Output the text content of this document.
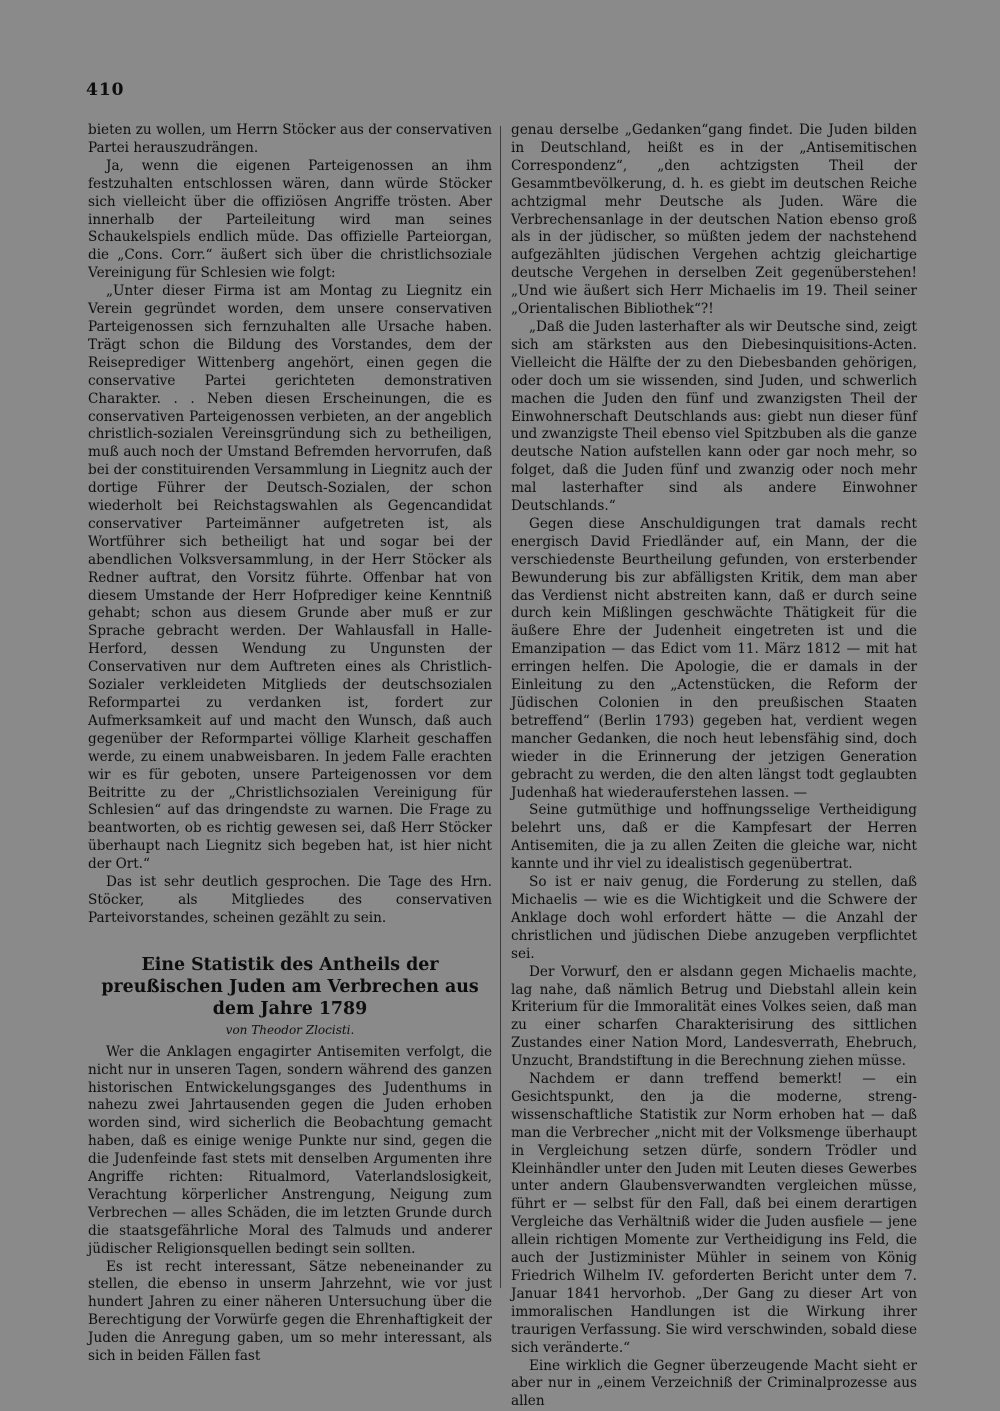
410

bieten zu wollen, um Herrn Stöcker aus der conservativen Partei herauszudrängen.

Ja, wenn die eigenen Parteigenossen an ihm festzuhalten entschlossen wären, dann würde Stöcker sich vielleicht über die offiziösen Angriffe trösten. Aber innerhalb der Parteileitung wird man seines Schaukelspiels endlich müde. Das offizielle Parteiorgan, die „Cons. Corr.“ äußert sich über die christlichsoziale Vereinigung für Schlesien wie folgt:

„Unter dieser Firma ist am Montag zu Liegnitz ein Verein gegründet worden, dem unsere conservativen Parteigenossen sich fernzuhalten alle Ursache haben. Trägt schon die Bildung des Vorstandes, dem der Reiseprediger Wittenberg angehört, einen gegen die conservative Partei gerichteten demonstrativen Charakter. . . Neben diesen Erscheinungen, die es conservativen Parteigenossen verbieten, an der angeblich christlich-sozialen Vereinsgründung sich zu betheiligen, muß auch noch der Umstand Befremden hervorrufen, daß bei der constituirenden Versammlung in Liegnitz auch der dortige Führer der Deutsch-Sozialen, der schon wiederholt bei Reichstagswahlen als Gegencandidat conservativer Parteimänner aufgetreten ist, als Wortführer sich betheiligt hat und sogar bei der abendlichen Volksversammlung, in der Herr Stöcker als Redner auftrat, den Vorsitz führte. Offenbar hat von diesem Umstande der Herr Hofprediger keine Kenntniß gehabt; schon aus diesem Grunde aber muß er zur Sprache gebracht werden. Der Wahlausfall in Halle-Herford, dessen Wendung zu Ungunsten der Conservativen nur dem Auftreten eines als Christlich-Sozialer verkleideten Mitglieds der deutschsozialen Reformpartei zu verdanken ist, fordert zur Aufmerksamkeit auf und macht den Wunsch, daß auch gegenüber der Reformpartei völlige Klarheit geschaffen werde, zu einem unabweisbaren. In jedem Falle erachten wir es für geboten, unsere Parteigenossen vor dem Beitritte zu der „Christlichsozialen Vereinigung für Schlesien“ auf das dringendste zu warnen. Die Frage zu beantworten, ob es richtig gewesen sei, daß Herr Stöcker überhaupt nach Liegnitz sich begeben hat, ist hier nicht der Ort.“

Das ist sehr deutlich gesprochen. Die Tage des Hrn. Stöcker, als Mitgliedes des conservativen Parteivorstandes, scheinen gezählt zu sein.

Eine Statistik des Antheils der preußischen Juden am Verbrechen aus dem Jahre 1789
von Theodor Zlocisti.

Wer die Anklagen engagirter Antisemiten verfolgt, die nicht nur in unseren Tagen, sondern während des ganzen historischen Entwickelungsganges des Judenthums in nahezu zwei Jahrtausenden gegen die Juden erhoben worden sind, wird sicherlich die Beobachtung gemacht haben, daß es einige wenige Punkte nur sind, gegen die die Judenfeinde fast stets mit denselben Argumenten ihre Angriffe richten: Ritualmord, Vaterlandslosigkeit, Verachtung körperlicher Anstrengung, Neigung zum Verbrechen — alles Schäden, die im letzten Grunde durch die staatsgefährliche Moral des Talmuds und anderer jüdischer Religionsquellen bedingt sein sollten.

Es ist recht interessant, Sätze nebeneinander zu stellen, die ebenso in unserm Jahrzehnt, wie vor just hundert Jahren zu einer näheren Untersuchung über die Berechtigung der Vorwürfe gegen die Ehrenhaftigkeit der Juden die Anregung gaben, um so mehr interessant, als sich in beiden Fällen fast

genau derselbe „Gedanken“gang findet. Die Juden bilden in Deutschland, heißt es in der „Antisemitischen Correspondenz“, „den achtzigsten Theil der Gesammtbevölkerung, d. h. es giebt im deutschen Reiche achtzigmal mehr Deutsche als Juden. Wäre die Verbrechensanlage in der deutschen Nation ebenso groß als in der jüdischer, so müßten jedem der nachstehend aufgezählten jüdischen Vergehen achtzig gleichartige deutsche Vergehen in derselben Zeit gegenüberstehen! „Und wie äußert sich Herr Michaelis im 19. Theil seiner „Orientalischen Bibliothek“?!

„Daß die Juden lasterhafter als wir Deutsche sind, zeigt sich am stärksten aus den Diebesinquisitions-Acten. Vielleicht die Hälfte der zu den Diebesbanden gehörigen, oder doch um sie wissenden, sind Juden, und schwerlich machen die Juden den fünf und zwanzigsten Theil der Einwohnerschaft Deutschlands aus: giebt nun dieser fünf und zwanzigste Theil ebenso viel Spitzbuben als die ganze deutsche Nation aufstellen kann oder gar noch mehr, so folget, daß die Juden fünf und zwanzig oder noch mehr mal lasterhafter sind als andere Einwohner Deutschlands.“

Gegen diese Anschuldigungen trat damals recht energisch David Friedländer auf, ein Mann, der die verschiedenste Beurtheilung gefunden, von ersterbender Bewunderung bis zur abfälligsten Kritik, dem man aber das Verdienst nicht abstreiten kann, daß er durch seine durch kein Mißlingen geschwächte Thätigkeit für die äußere Ehre der Judenheit eingetreten ist und die Emanzipation — das Edict vom 11. März 1812 — mit hat erringen helfen. Die Apologie, die er damals in der Einleitung zu den „Actenstücken, die Reform der Jüdischen Colonien in den preußischen Staaten betreffend“ (Berlin 1793) gegeben hat, verdient wegen mancher Gedanken, die noch heut lebensfähig sind, doch wieder in die Erinnerung der jetzigen Generation gebracht zu werden, die den alten längst todt geglaubten Judenhaß hat wiederauferstehen lassen. —

Seine gutmüthige und hoffnungsselige Vertheidigung belehrt uns, daß er die Kampfesart der Herren Antisemiten, die ja zu allen Zeiten die gleiche war, nicht kannte und ihr viel zu idealistisch gegenübertrat.

So ist er naiv genug, die Forderung zu stellen, daß Michaelis — wie es die Wichtigkeit und die Schwere der Anklage doch wohl erfordert hätte — die Anzahl der christlichen und jüdischen Diebe anzugeben verpflichtet sei.

Der Vorwurf, den er alsdann gegen Michaelis machte, lag nahe, daß nämlich Betrug und Diebstahl allein kein Kriterium für die Immoralität eines Volkes seien, daß man zu einer scharfen Charakterisirung des sittlichen Zustandes einer Nation Mord, Landesverrath, Ehebruch, Unzucht, Brandstiftung in die Berechnung ziehen müsse.

Nachdem er dann treffend bemerkt! — ein Gesichtspunkt, den ja die moderne, streng-wissenschaftliche Statistik zur Norm erhoben hat — daß man die Verbrecher „nicht mit der Volksmenge überhaupt in Vergleichung setzen dürfe, sondern Trödler und Kleinhändler unter den Juden mit Leuten dieses Gewerbes unter andern Glaubensverwandten vergleichen müsse, führt er — selbst für den Fall, daß bei einem derartigen Vergleiche das Verhältniß wider die Juden ausfiele — jene allein richtigen Momente zur Vertheidigung ins Feld, die auch der Justizminister Mühler in seinem von König Friedrich Wilhelm IV. geforderten Bericht unter dem 7. Januar 1841 hervorhob. „Der Gang zu dieser Art von immoralischen Handlungen ist die Wirkung ihrer traurigen Verfassung. Sie wird verschwinden, sobald diese sich veränderte.“

Eine wirklich die Gegner überzeugende Macht sieht er aber nur in „einem Verzeichniß der Criminalprozesse aus allen
